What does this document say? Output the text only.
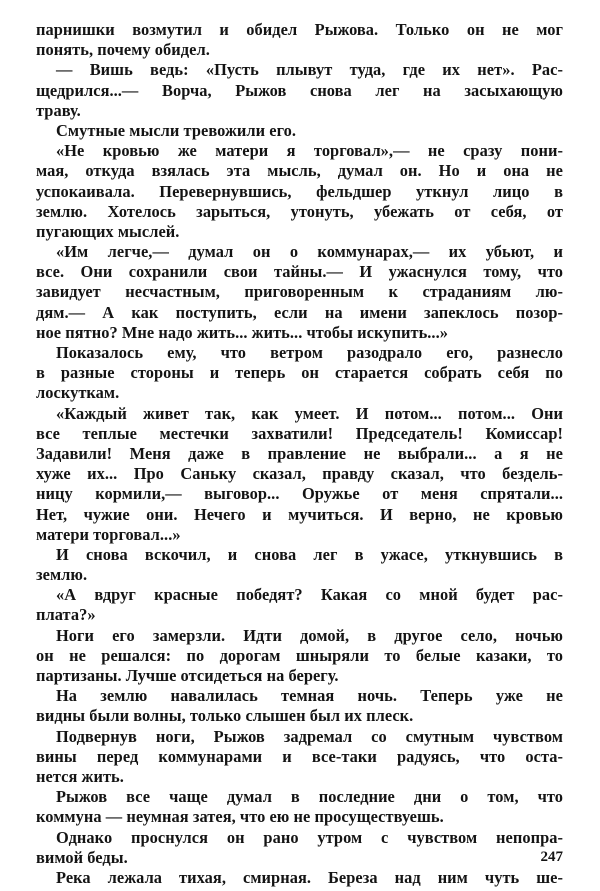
парнишки возмутил и обидел Рыжова. Только он не мог
понять, почему обидел.
— Вишь ведь: «Пусть плывут туда, где их нет». Рас-
щедрился...— Ворча, Рыжов снова лег на засыхающую
траву.
Смутные мысли тревожили его.
«Не кровью же матери я торговал»,— не сразу пони-
мая, откуда взялась эта мысль, думал он. Но и она не
успокаивала. Перевернувшись, фельдшер уткнул лицо в
землю. Хотелось зарыться, утонуть, убежать от себя, от
пугающих мыслей.
«Им легче,— думал он о коммунарах,— их убьют, и
все. Они сохранили свои тайны.— И ужаснулся тому, что
завидует несчастным, приговоренным к страданиям лю-
дям.— А как поступить, если на имени запеклось позор-
ное пятно? Мне надо жить... жить... чтобы искупить...»
Показалось ему, что ветром разодрало его, разнесло
в разные стороны и теперь он старается собрать себя по
лоскуткам.
«Каждый живет так, как умеет. И потом... потом... Они
все теплые местечки захватили! Председатель! Комиссар!
Задавили! Меня даже в правление не выбрали... а я не
хуже их... Про Саньку сказал, правду сказал, что бездель-
ницу кормили,— выговор... Оружье от меня спрятали...
Нет, чужие они. Нечего и мучиться. И верно, не кровью
матери торговал...»
И снова вскочил, и снова лег в ужасе, уткнувшись в
землю.
«А вдруг красные победят? Какая со мной будет рас-
плата?»
Ноги его замерзли. Идти домой, в другое село, ночью
он не решался: по дорогам шныряли то белые казаки, то
партизаны. Лучше отсидеться на берегу.
На землю навалилась темная ночь. Теперь уже не
видны были волны, только слышен был их плеск.
Подвернув ноги, Рыжов задремал со смутным чувством
вины перед коммунарами и все-таки радуясь, что оста-
нется жить.
Рыжов все чаще думал в последние дни о том, что
коммуна — неумная затея, что ею не просуществуешь.
Однако проснулся он рано утром с чувством непопра-
вимой беды.
Река лежала тихая, смирная. Береза над ним чуть ше-
247
